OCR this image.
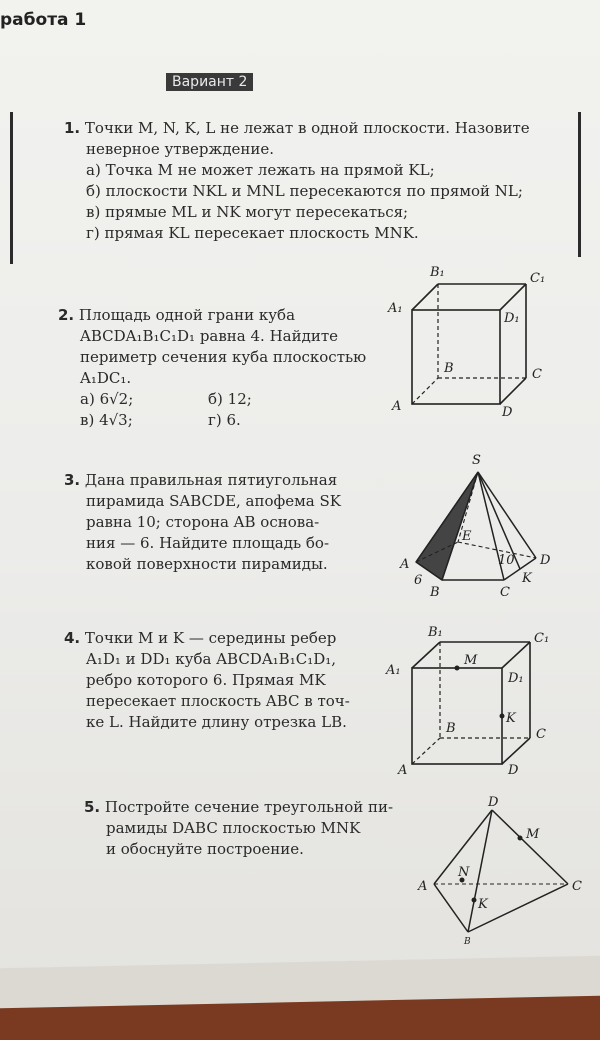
работа 1
Вариант 2
1. Точки M, N, K, L не лежат в одной плоскости. Назовите
неверное утверждение.
а) Точка M не может лежать на прямой KL;
б) плоскости NKL и MNL пересекаются по прямой NL;
в) прямые ML и NK могут пересекаться;
г) прямая KL пересекает плоскость MNK.
2. Площадь одной грани куба
ABCDA₁B₁C₁D₁ равна 4. Найдите
периметр сечения куба плоскостью
A₁DC₁.
а) 6√2;	б) 12;
в) 4√3;	г) 6.
B₁	C₁
A₁
D₁
B	C
A	D
3. Дана правильная пятиугольная
пирамида SABCDE, апофема SK
равна 10; сторона AB основа-
ния — 6. Найдите площадь бо-
ковой поверхности пирамиды.
S
E
A	D
B	C
K
6
10
4. Точки M и K — середины ребер
A₁D₁ и DD₁ куба ABCDA₁B₁C₁D₁,
ребро которого 6. Прямая MK
пересекает плоскость ABC в точ-
ке L. Найдите длину отрезка LB.
B₁	C₁
A₁
M
D₁
K
B	C
A	D
5. Постройте сечение треугольной пи-
рамиды DABC плоскостью MNK
и обоснуйте построение.
D
M
N
A	C
K
B
